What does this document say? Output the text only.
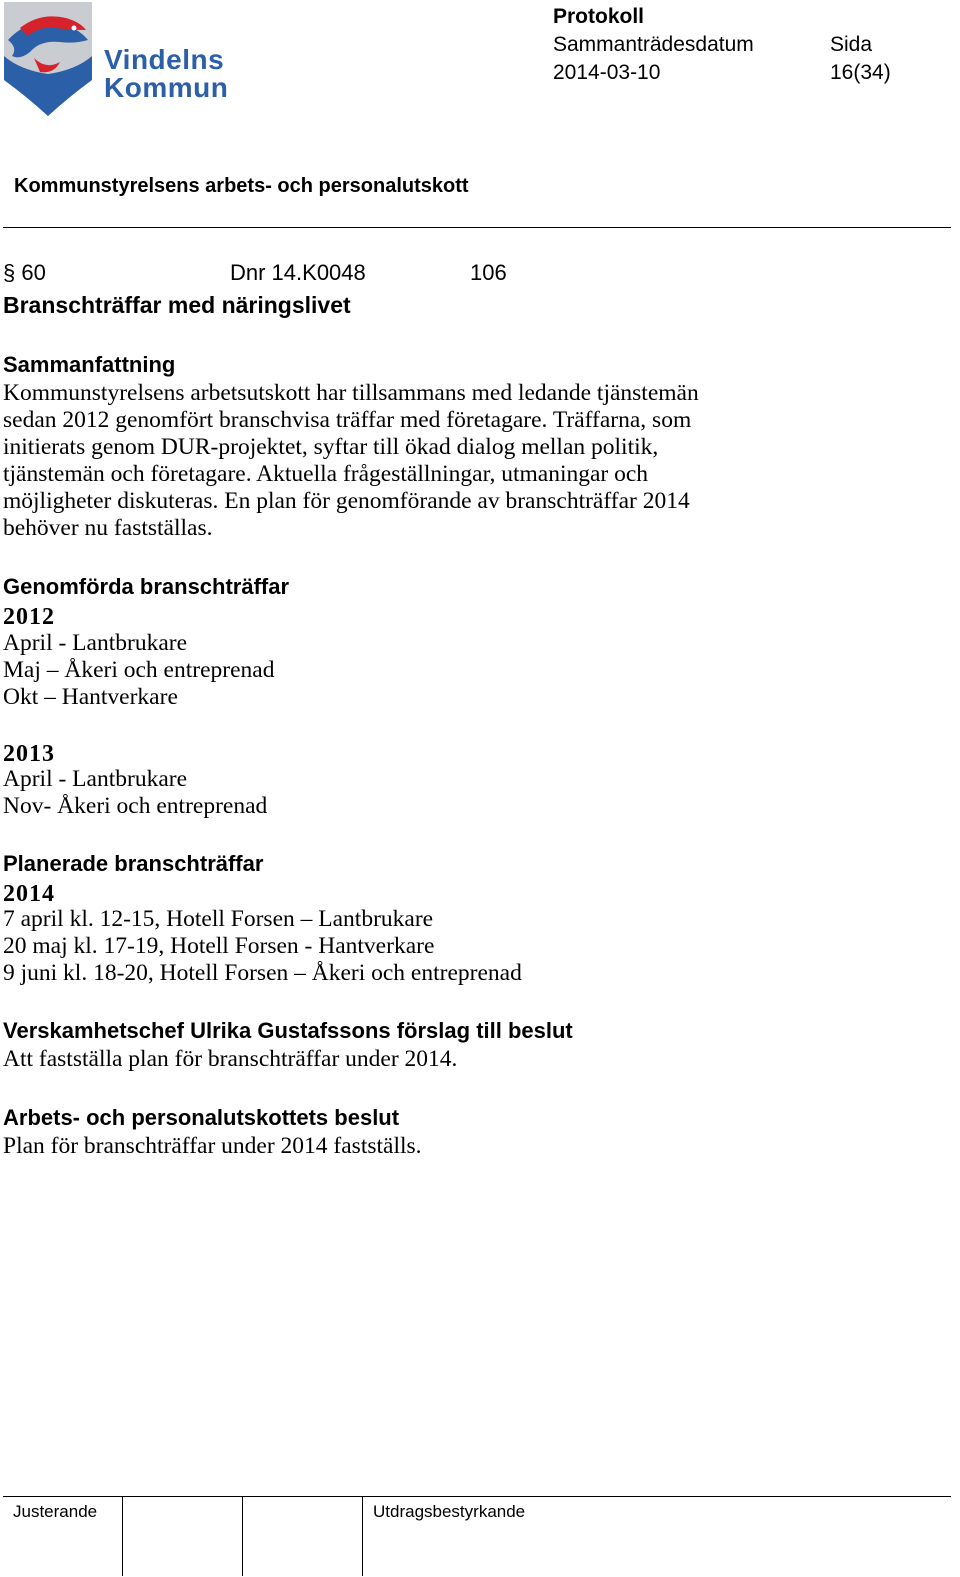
Vindelns
Kommun
Protokoll
Sammanträdesdatum	Sida
2014-03-10	16(34)
Kommunstyrelsens arbets- och personalutskott
§ 60	Dnr 14.K0048	106
Branschträffar med näringslivet
Sammanfattning
Kommunstyrelsens arbetsutskott har tillsammans med ledande tjänstemän
sedan 2012 genomfört branschvisa träffar med företagare. Träffarna, som
initierats genom DUR-projektet, syftar till ökad dialog mellan politik,
tjänstemän och företagare. Aktuella frågeställningar, utmaningar och
möjligheter diskuteras. En plan för genomförande av branschträffar 2014
behöver nu fastställas.
Genomförda branschträffar
2012
April - Lantbrukare
Maj – Åkeri och entreprenad
Okt – Hantverkare
2013
April - Lantbrukare
Nov- Åkeri och entreprenad
Planerade branschträffar
2014
7 april kl. 12-15, Hotell Forsen – Lantbrukare
20 maj kl. 17-19, Hotell Forsen - Hantverkare
9 juni kl. 18-20, Hotell Forsen – Åkeri och entreprenad
Verskamhetschef Ulrika Gustafssons förslag till beslut
Att fastställa plan för branschträffar under 2014.
Arbets- och personalutskottets beslut
Plan för branschträffar under 2014 fastställs.
Justerande	Utdragsbestyrkande
